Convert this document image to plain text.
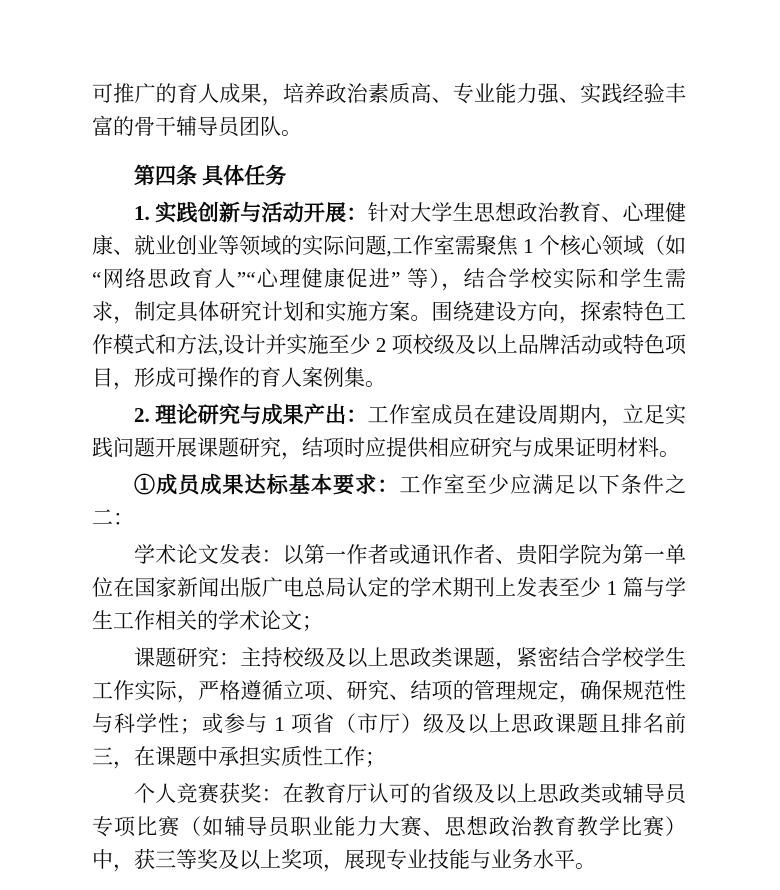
可推广的育人成果，培养政治素质高、专业能力强、实践经验丰富的骨干辅导员团队。

第四条 具体任务

1. 实践创新与活动开展：针对大学生思想政治教育、心理健康、就业创业等领域的实际问题,工作室需聚焦 1 个核心领域（如“网络思政育人”“心理健康促进” 等），结合学校实际和学生需求，制定具体研究计划和实施方案。围绕建设方向，探索特色工作模式和方法,设计并实施至少 2 项校级及以上品牌活动或特色项目，形成可操作的育人案例集。

2. 理论研究与成果产出：工作室成员在建设周期内，立足实践问题开展课题研究，结项时应提供相应研究与成果证明材料。

①成员成果达标基本要求：工作室至少应满足以下条件之二：

学术论文发表：以第一作者或通讯作者、贵阳学院为第一单位在国家新闻出版广电总局认定的学术期刊上发表至少 1 篇与学生工作相关的学术论文；

课题研究：主持校级及以上思政类课题，紧密结合学校学生工作实际，严格遵循立项、研究、结项的管理规定，确保规范性与科学性；或参与 1 项省（市厅）级及以上思政课题且排名前三，在课题中承担实质性工作；

个人竞赛获奖：在教育厅认可的省级及以上思政类或辅导员专项比赛（如辅导员职业能力大赛、思想政治教育教学比赛）中，获三等奖及以上奖项，展现专业技能与业务水平。
